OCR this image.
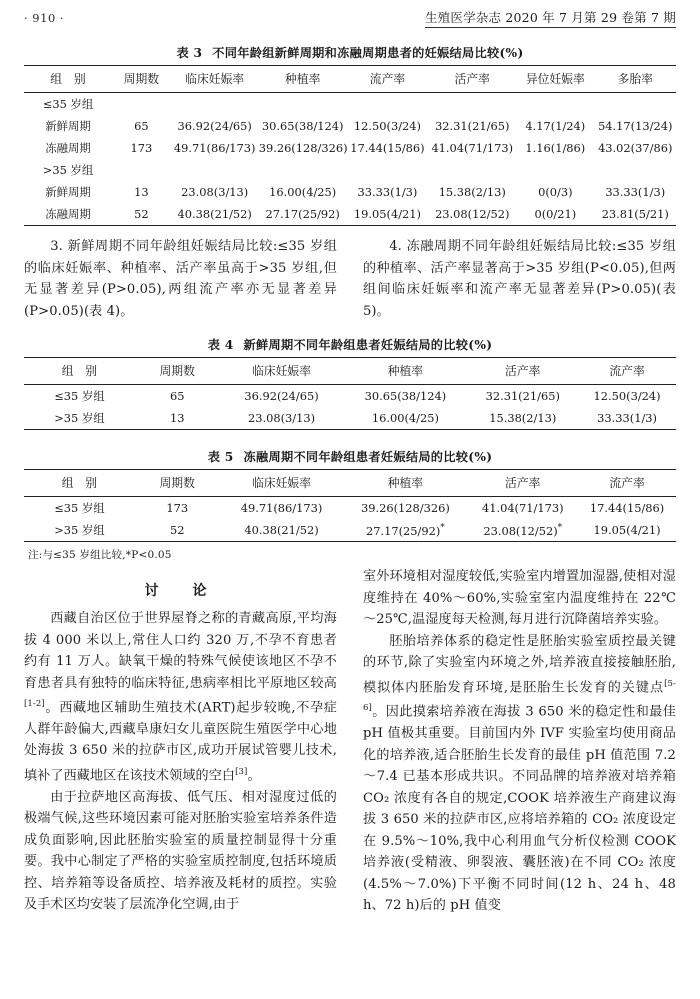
· 910 ·	生殖医学杂志 2020 年 7 月第 29 卷第 7 期
表 3 不同年龄组新鲜周期和冻融周期患者的妊娠结局比较(%)
组　别	周期数	临床妊娠率	种植率	流产率	活产率	异位妊娠率	多胎率
≤35 岁组							
新鲜周期	65	36.92(24/65)	30.65(38/124)	12.50(3/24)	32.31(21/65)	4.17(1/24)	54.17(13/24)
冻融周期	173	49.71(86/173)	39.26(128/326)	17.44(15/86)	41.04(71/173)	1.16(1/86)	43.02(37/86)
>35 岁组							
新鲜周期	13	23.08(3/13)	16.00(4/25)	33.33(1/3)	15.38(2/13)	0(0/3)	33.33(1/3)
冻融周期	52	40.38(21/52)	27.17(25/92)	19.05(4/21)	23.08(12/52)	0(0/21)	23.81(5/21)

3. 新鲜周期不同年龄组妊娠结局比较:≤35 岁组的临床妊娠率、种植率、活产率虽高于>35 岁组,但无显著差异(P>0.05),两组流产率亦无显著差异(P>0.05)(表 4)。

4. 冻融周期不同年龄组妊娠结局比较:≤35 岁组的种植率、活产率显著高于>35 岁组(P<0.05),但两组间临床妊娠率和流产率无显著差异(P>0.05)(表 5)。

表 4 新鲜周期不同年龄组患者妊娠结局的比较(%)
组　别	周期数	临床妊娠率	种植率	活产率	流产率
≤35 岁组	65	36.92(24/65)	30.65(38/124)	32.31(21/65)	12.50(3/24)
>35 岁组	13	23.08(3/13)	16.00(4/25)	15.38(2/13)	33.33(1/3)
表 5 冻融周期不同年龄组患者妊娠结局的比较(%)
组　别	周期数	临床妊娠率	种植率	活产率	流产率
≤35 岁组	173	49.71(86/173)	39.26(128/326)	41.04(71/173)	17.44(15/86)
>35 岁组	52	40.38(21/52)	27.17(25/92)*	23.08(12/52)*	19.05(4/21)
注:与≤35 岁组比较,*P<0.05
讨　论

西藏自治区位于世界屋脊之称的青藏高原,平均海拔 4 000 米以上,常住人口约 320 万,不孕不育患者约有 11 万人。缺氧干燥的特殊气候使该地区不孕不育患者具有独特的临床特征,患病率相比平原地区较高[1-2]。西藏地区辅助生殖技术(ART)起步较晚,不孕症人群年龄偏大,西藏阜康妇女儿童医院生殖医学中心地处海拔 3 650 米的拉萨市区,成功开展试管婴儿技术,填补了西藏地区在该技术领域的空白[3]。

由于拉萨地区高海拔、低气压、相对湿度过低的极端气候,这些环境因素可能对胚胎实验室培养条件造成负面影响,因此胚胎实验室的质量控制显得十分重要。我中心制定了严格的实验室质控制度,包括环境质控、培养箱等设备质控、培养液及耗材的质控。实验及手术区均安装了层流净化空调,由于

室外环境相对湿度较低,实验室内增置加湿器,使相对湿度维持在 40%～60%,实验室室内温度维持在 22℃～25℃,温湿度每天检测,每月进行沉降菌培养实验。

胚胎培养体系的稳定性是胚胎实验室质控最关键的环节,除了实验室内环境之外,培养液直接接触胚胎,模拟体内胚胎发育环境,是胚胎生长发育的关键点[5-6]。因此摸索培养液在海拔 3 650 米的稳定性和最佳 pH 值极其重要。目前国内外 IVF 实验室均使用商品化的培养液,适合胚胎生长发育的最佳 pH 值范围 7.2～7.4 已基本形成共识。不同品牌的培养液对培养箱 CO₂ 浓度有各自的规定,COOK 培养液生产商建议海拔 3 650 米的拉萨市区,应将培养箱的 CO₂ 浓度设定在 9.5%～10%,我中心利用血气分析仪检测 COOK 培养液(受精液、卵裂液、囊胚液)在不同 CO₂ 浓度(4.5%～7.0%)下平衡不同时间(12 h、24 h、48 h、72 h)后的 pH 值变
